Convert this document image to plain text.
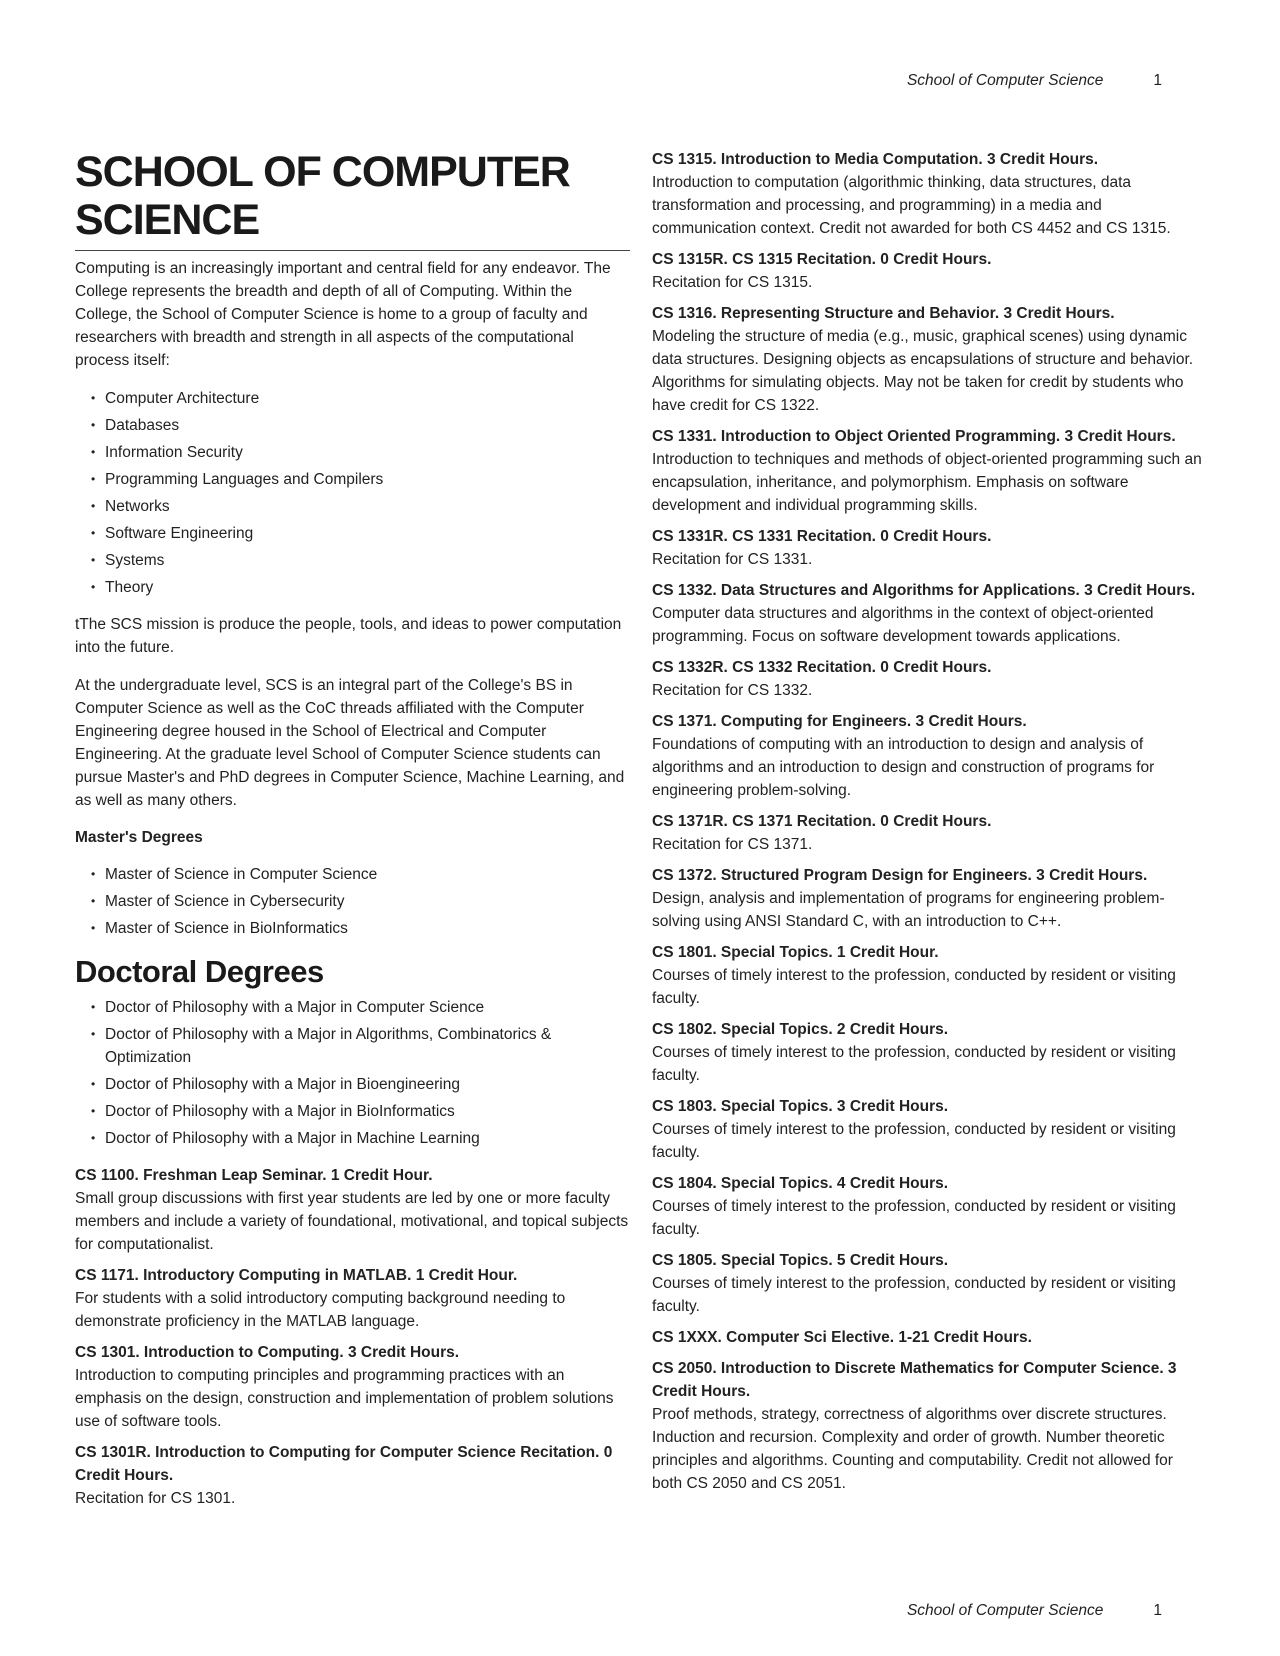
School of Computer Science	1
SCHOOL OF COMPUTER SCIENCE

Computing is an increasingly important and central field for any endeavor. The College represents the breadth and depth of all of Computing. Within the College, the School of Computer Science is home to a group of faculty and researchers with breadth and strength in all aspects of the computational process itself:

• Computer Architecture
• Databases
• Information Security
• Programming Languages and Compilers
• Networks
• Software Engineering
• Systems
• Theory

tThe SCS mission is produce the people, tools, and ideas to power computation into the future.

At the undergraduate level, SCS is an integral part of the College's BS in Computer Science as well as the CoC threads affiliated with the Computer Engineering degree housed in the School of Electrical and Computer Engineering. At the graduate level School of Computer Science students can pursue Master's and PhD degrees in Computer Science, Machine Learning, and as well as many others.

Master's Degrees
• Master of Science in Computer Science
• Master of Science in Cybersecurity
• Master of Science in BioInformatics
Doctoral Degrees
• Doctor of Philosophy with a Major in Computer Science
• Doctor of Philosophy with a Major in Algorithms, Combinatorics & Optimization
• Doctor of Philosophy with a Major in Bioengineering
• Doctor of Philosophy with a Major in BioInformatics
• Doctor of Philosophy with a Major in Machine Learning

CS 1100. Freshman Leap Seminar. 1 Credit Hour.

Small group discussions with first year students are led by one or more faculty members and include a variety of foundational, motivational, and topical subjects for computationalist.

CS 1171. Introductory Computing in MATLAB. 1 Credit Hour.

For students with a solid introductory computing background needing to demonstrate proficiency in the MATLAB language.

CS 1301. Introduction to Computing. 3 Credit Hours.

Introduction to computing principles and programming practices with an emphasis on the design, construction and implementation of problem solutions use of software tools.

CS 1301R. Introduction to Computing for Computer Science Recitation. 0 Credit Hours.

Recitation for CS 1301.

CS 1315. Introduction to Media Computation. 3 Credit Hours.

Introduction to computation (algorithmic thinking, data structures, data transformation and processing, and programming) in a media and communication context. Credit not awarded for both CS 4452 and CS 1315.

CS 1315R. CS 1315 Recitation. 0 Credit Hours.

Recitation for CS 1315.

CS 1316. Representing Structure and Behavior. 3 Credit Hours.

Modeling the structure of media (e.g., music, graphical scenes) using dynamic data structures. Designing objects as encapsulations of structure and behavior. Algorithms for simulating objects. May not be taken for credit by students who have credit for CS 1322.

CS 1331. Introduction to Object Oriented Programming. 3 Credit Hours.

Introduction to techniques and methods of object-oriented programming such an encapsulation, inheritance, and polymorphism. Emphasis on software development and individual programming skills.

CS 1331R. CS 1331 Recitation. 0 Credit Hours.

Recitation for CS 1331.

CS 1332. Data Structures and Algorithms for Applications. 3 Credit Hours.

Computer data structures and algorithms in the context of object-oriented programming. Focus on software development towards applications.

CS 1332R. CS 1332 Recitation. 0 Credit Hours.

Recitation for CS 1332.

CS 1371. Computing for Engineers. 3 Credit Hours.

Foundations of computing with an introduction to design and analysis of algorithms and an introduction to design and construction of programs for engineering problem-solving.

CS 1371R. CS 1371 Recitation. 0 Credit Hours.

Recitation for CS 1371.

CS 1372. Structured Program Design for Engineers. 3 Credit Hours.

Design, analysis and implementation of programs for engineering problem-solving using ANSI Standard C, with an introduction to C++.

CS 1801. Special Topics. 1 Credit Hour.

Courses of timely interest to the profession, conducted by resident or visiting faculty.

CS 1802. Special Topics. 2 Credit Hours.

Courses of timely interest to the profession, conducted by resident or visiting faculty.

CS 1803. Special Topics. 3 Credit Hours.

Courses of timely interest to the profession, conducted by resident or visiting faculty.

CS 1804. Special Topics. 4 Credit Hours.

Courses of timely interest to the profession, conducted by resident or visiting faculty.

CS 1805. Special Topics. 5 Credit Hours.

Courses of timely interest to the profession, conducted by resident or visiting faculty.

CS 1XXX. Computer Sci Elective. 1-21 Credit Hours.

CS 2050. Introduction to Discrete Mathematics for Computer Science. 3 Credit Hours.

Proof methods, strategy, correctness of algorithms over discrete structures. Induction and recursion. Complexity and order of growth. Number theoretic principles and algorithms. Counting and computability. Credit not allowed for both CS 2050 and CS 2051.

School of Computer Science	1
